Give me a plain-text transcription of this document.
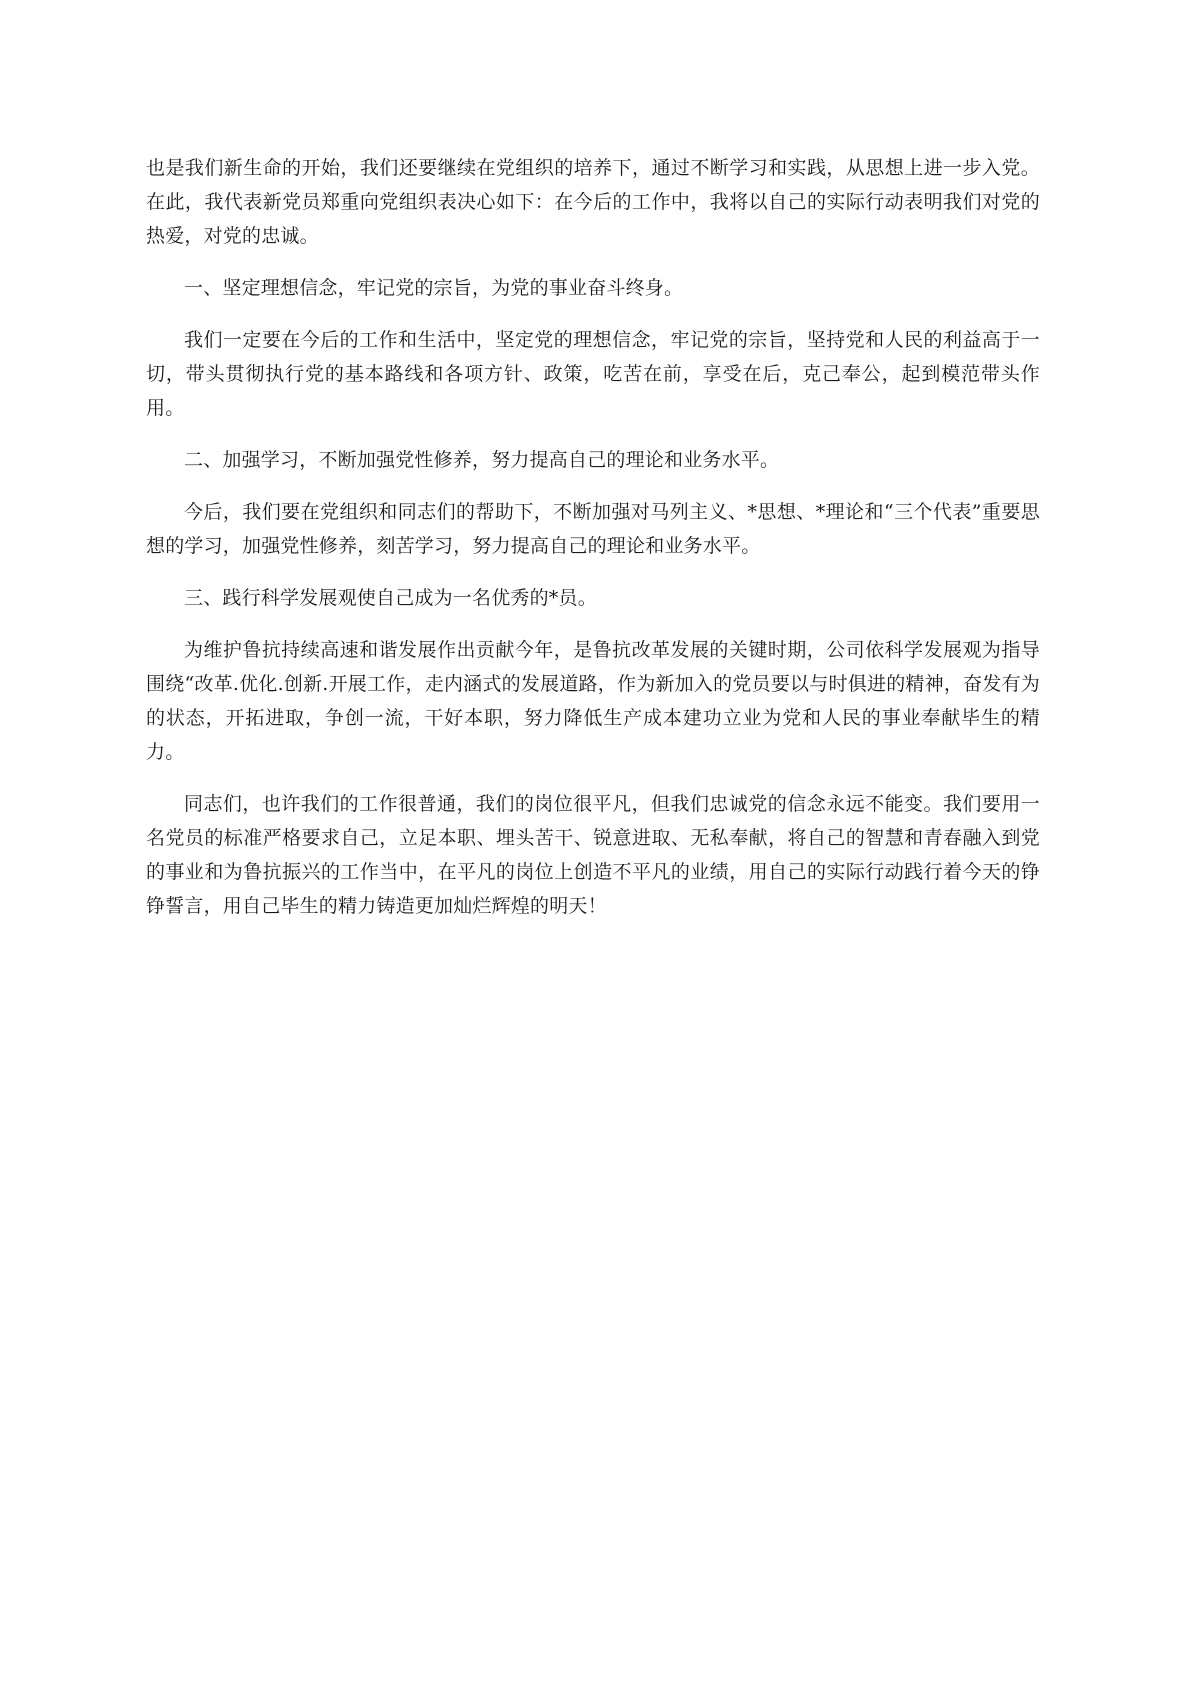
也是我们新生命的开始，我们还要继续在党组织的培养下，通过不断学习和实践，从思想上进一步入党。在此，我代表新党员郑重向党组织表决心如下：在今后的工作中，我将以自己的实际行动表明我们对党的热爱，对党的忠诚。

一、坚定理想信念，牢记党的宗旨，为党的事业奋斗终身。

我们一定要在今后的工作和生活中，坚定党的理想信念，牢记党的宗旨，坚持党和人民的利益高于一切，带头贯彻执行党的基本路线和各项方针、政策，吃苦在前，享受在后，克己奉公，起到模范带头作用。

二、加强学习，不断加强党性修养，努力提高自己的理论和业务水平。

今后，我们要在党组织和同志们的帮助下，不断加强对马列主义、*思想、*理论和“三个代表”重要思想的学习，加强党性修养，刻苦学习，努力提高自己的理论和业务水平。

三、践行科学发展观使自己成为一名优秀的*员。

为维护鲁抗持续高速和谐发展作出贡献今年，是鲁抗改革发展的关键时期，公司依科学发展观为指导围绕“改革.优化.创新.开展工作，走内涵式的发展道路，作为新加入的党员要以与时俱进的精神，奋发有为的状态，开拓进取，争创一流，干好本职，努力降低生产成本建功立业为党和人民的事业奉献毕生的精力。

同志们，也许我们的工作很普通，我们的岗位很平凡，但我们忠诚党的信念永远不能变。我们要用一名党员的标准严格要求自己，立足本职、埋头苦干、锐意进取、无私奉献，将自己的智慧和青春融入到党的事业和为鲁抗振兴的工作当中，在平凡的岗位上创造不平凡的业绩，用自己的实际行动践行着今天的铮铮誓言，用自己毕生的精力铸造更加灿烂辉煌的明天！
